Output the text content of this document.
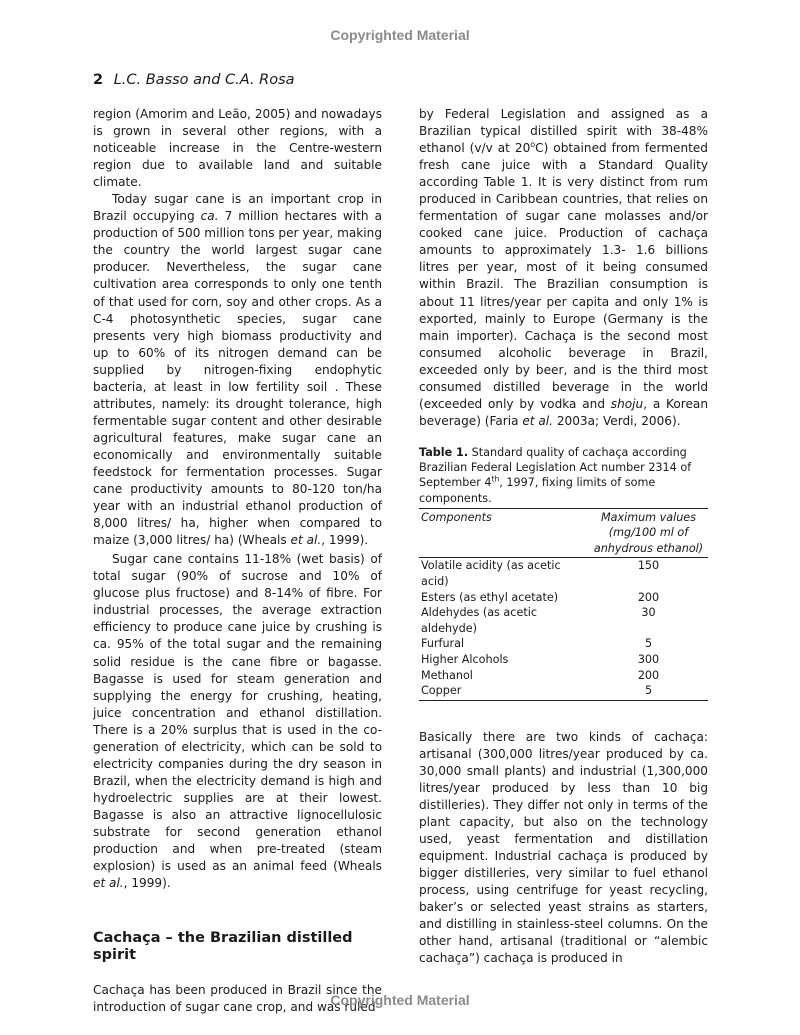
Copyrighted Material
2 L.C. Basso and C.A. Rosa

region (Amorim and Leão, 2005) and nowadays is grown in several other regions, with a noticeable increase in the Centre-western region due to available land and suitable climate.

Today sugar cane is an important crop in Brazil occupying ca. 7 million hectares with a production of 500 million tons per year, making the country the world largest sugar cane producer. Nevertheless, the sugar cane cultivation area corresponds to only one tenth of that used for corn, soy and other crops. As a C-4 photosynthetic species, sugar cane presents very high biomass productivity and up to 60% of its nitrogen demand can be supplied by nitrogen-fixing endophytic bacteria, at least in low fertility soil . These attributes, namely: its drought tolerance, high fermentable sugar content and other desirable agricultural features, make sugar cane an economically and environmentally suitable feedstock for fermentation processes. Sugar cane productivity amounts to 80-120 ton/ha year with an industrial ethanol production of 8,000 litres/ ha, higher when compared to maize (3,000 litres/ ha) (Wheals et al., 1999).

Sugar cane contains 11-18% (wet basis) of total sugar (90% of sucrose and 10% of glucose plus fructose) and 8-14% of fibre. For industrial processes, the average extraction efficiency to produce cane juice by crushing is ca. 95% of the total sugar and the remaining solid residue is the cane fibre or bagasse. Bagasse is used for steam generation and supplying the energy for crushing, heating, juice concentration and ethanol distillation. There is a 20% surplus that is used in the co-generation of electricity, which can be sold to electricity companies during the dry season in Brazil, when the electricity demand is high and hydroelectric supplies are at their lowest. Bagasse is also an attractive lignocellulosic substrate for second generation ethanol production and when pre-treated (steam explosion) is used as an animal feed (Wheals et al., 1999).

Cachaça – the Brazilian distilled spirit

Cachaça has been produced in Brazil since the introduction of sugar cane crop, and was ruled

by Federal Legislation and assigned as a Brazilian typical distilled spirit with 38-48% ethanol (v/v at 20$^o$C) obtained from fermented fresh cane juice with a Standard Quality according Table 1. It is very distinct from rum produced in Caribbean countries, that relies on fermentation of sugar cane molasses and/or cooked cane juice. Production of cachaça amounts to approximately 1.3- 1.6 billions litres per year, most of it being consumed within Brazil. The Brazilian consumption is about 11 litres/year per capita and only 1% is exported, mainly to Europe (Germany is the main importer). Cachaça is the second most consumed alcoholic beverage in Brazil, exceeded only by beer, and is the third most consumed distilled beverage in the world (exceeded only by vodka and shoju, a Korean beverage) (Faria et al. 2003a; Verdi, 2006).

Table 1. Standard quality of cachaça according Brazilian Federal Legislation Act number 2314 of September 4th, 1997, fixing limits of some components.
Components	Maximum values (mg/100 ml of anhydrous ethanol)
Volatile acidity (as acetic acid)	150
Esters (as ethyl acetate)	200
Aldehydes (as acetic aldehyde)	30
Furfural	5
Higher Alcohols	300
Methanol	200
Copper	5

Basically there are two kinds of cachaça: artisanal (300,000 litres/year produced by ca. 30,000 small plants) and industrial (1,300,000 litres/year produced by less than 10 big distilleries). They differ not only in terms of the plant capacity, but also on the technology used, yeast fermentation and distillation equipment. Industrial cachaça is produced by bigger distilleries, very similar to fuel ethanol process, using centrifuge for yeast recycling, baker’s or selected yeast strains as starters, and distilling in stainless-steel columns. On the other hand, artisanal (traditional or “alembic cachaça”) cachaça is produced in

Copyrighted Material
